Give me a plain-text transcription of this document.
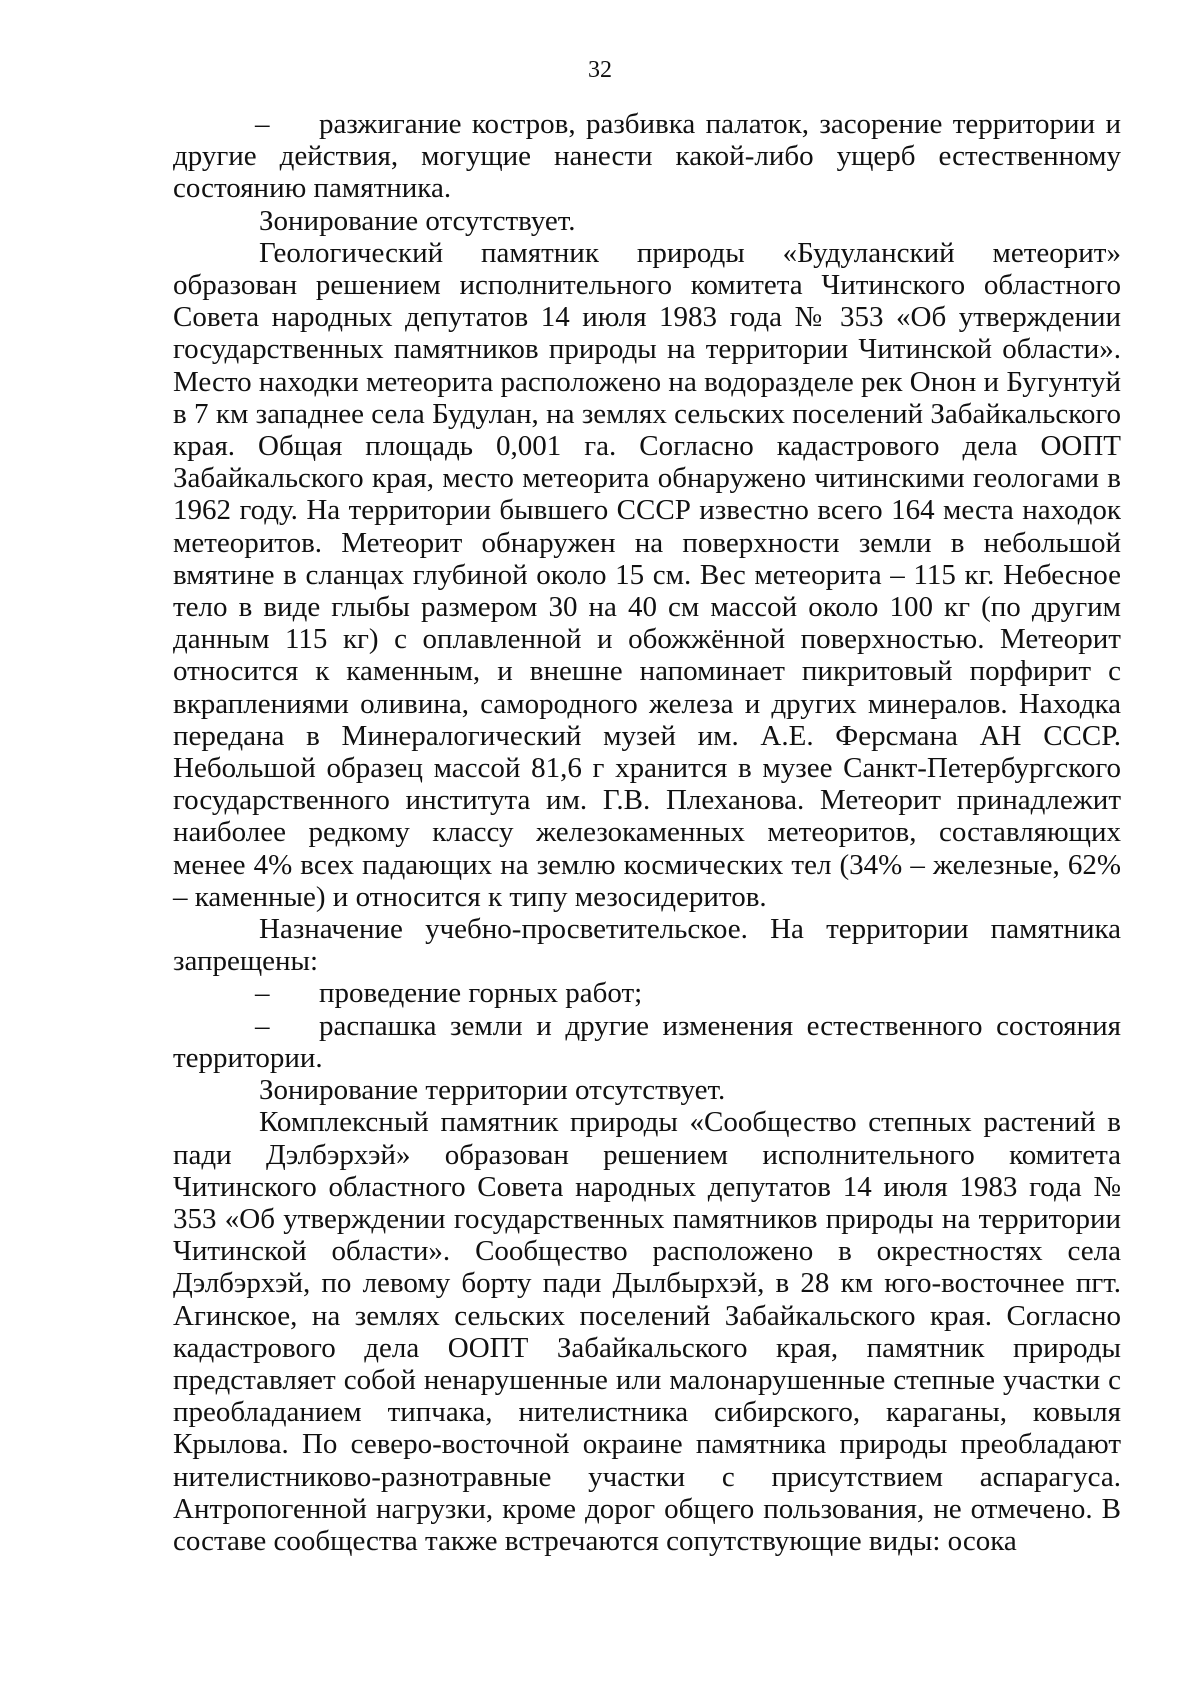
32

– разжигание костров, разбивка палаток, засорение территории и другие действия, могущие нанести какой-либо ущерб естественному состоянию памятника.

Зонирование отсутствует.

Геологический памятник природы «Будуланский метеорит» образован решением исполнительного комитета Читинского областного Совета народных депутатов 14 июля 1983 года № 353 «Об утверждении государственных памятников природы на территории Читинской области». Место находки метеорита расположено на водоразделе рек Онон и Бугунтуй в 7 км западнее села Будулан, на землях сельских поселений Забайкальского края. Общая площадь 0,001 га. Согласно кадастрового дела ООПТ Забайкальского края, место метеорита обнаружено читинскими геологами в 1962 году. На территории бывшего СССР известно всего 164 места находок метеоритов. Метеорит обнаружен на поверхности земли в небольшой вмятине в сланцах глубиной около 15 см. Вес метеорита – 115 кг. Небесное тело в виде глыбы размером 30 на 40 см массой около 100 кг (по другим данным 115 кг) с оплавленной и обожжённой поверхностью. Метеорит относится к каменным, и внешне напоминает пикритовый порфирит с вкраплениями оливина, самородного железа и других минералов. Находка передана в Минералогический музей им. А.Е. Ферсмана АН СССР. Небольшой образец массой 81,6 г хранится в музее Санкт-Петербургского государственного института им. Г.В. Плеханова. Метеорит принадлежит наиболее редкому классу железокаменных метеоритов, составляющих менее 4% всех падающих на землю космических тел (34% – железные, 62% – каменные) и относится к типу мезосидеритов.

Назначение учебно-просветительское. На территории памятника запрещены:

– проведение горных работ;

– распашка земли и другие изменения естественного состояния территории.

Зонирование территории отсутствует.

Комплексный памятник природы «Сообщество степных растений в пади Дэлбэрхэй» образован решением исполнительного комитета Читинского областного Совета народных депутатов 14 июля 1983 года № 353 «Об утверждении государственных памятников природы на территории Читинской области». Сообщество расположено в окрестностях села Дэлбэрхэй, по левому борту пади Дылбырхэй, в 28 км юго-восточнее пгт. Агинское, на землях сельских поселений Забайкальского края. Согласно кадастрового дела ООПТ Забайкальского края, памятник природы представляет собой ненарушенные или малонарушенные степные участки с преобладанием типчака, нителистника сибирского, караганы, ковыля Крылова. По северо-восточной окраине памятника природы преобладают нителистниково-разнотравные участки с присутствием аспарагуса. Антропогенной нагрузки, кроме дорог общего пользования, не отмечено. В составе сообщества также встречаются сопутствующие виды: осока
